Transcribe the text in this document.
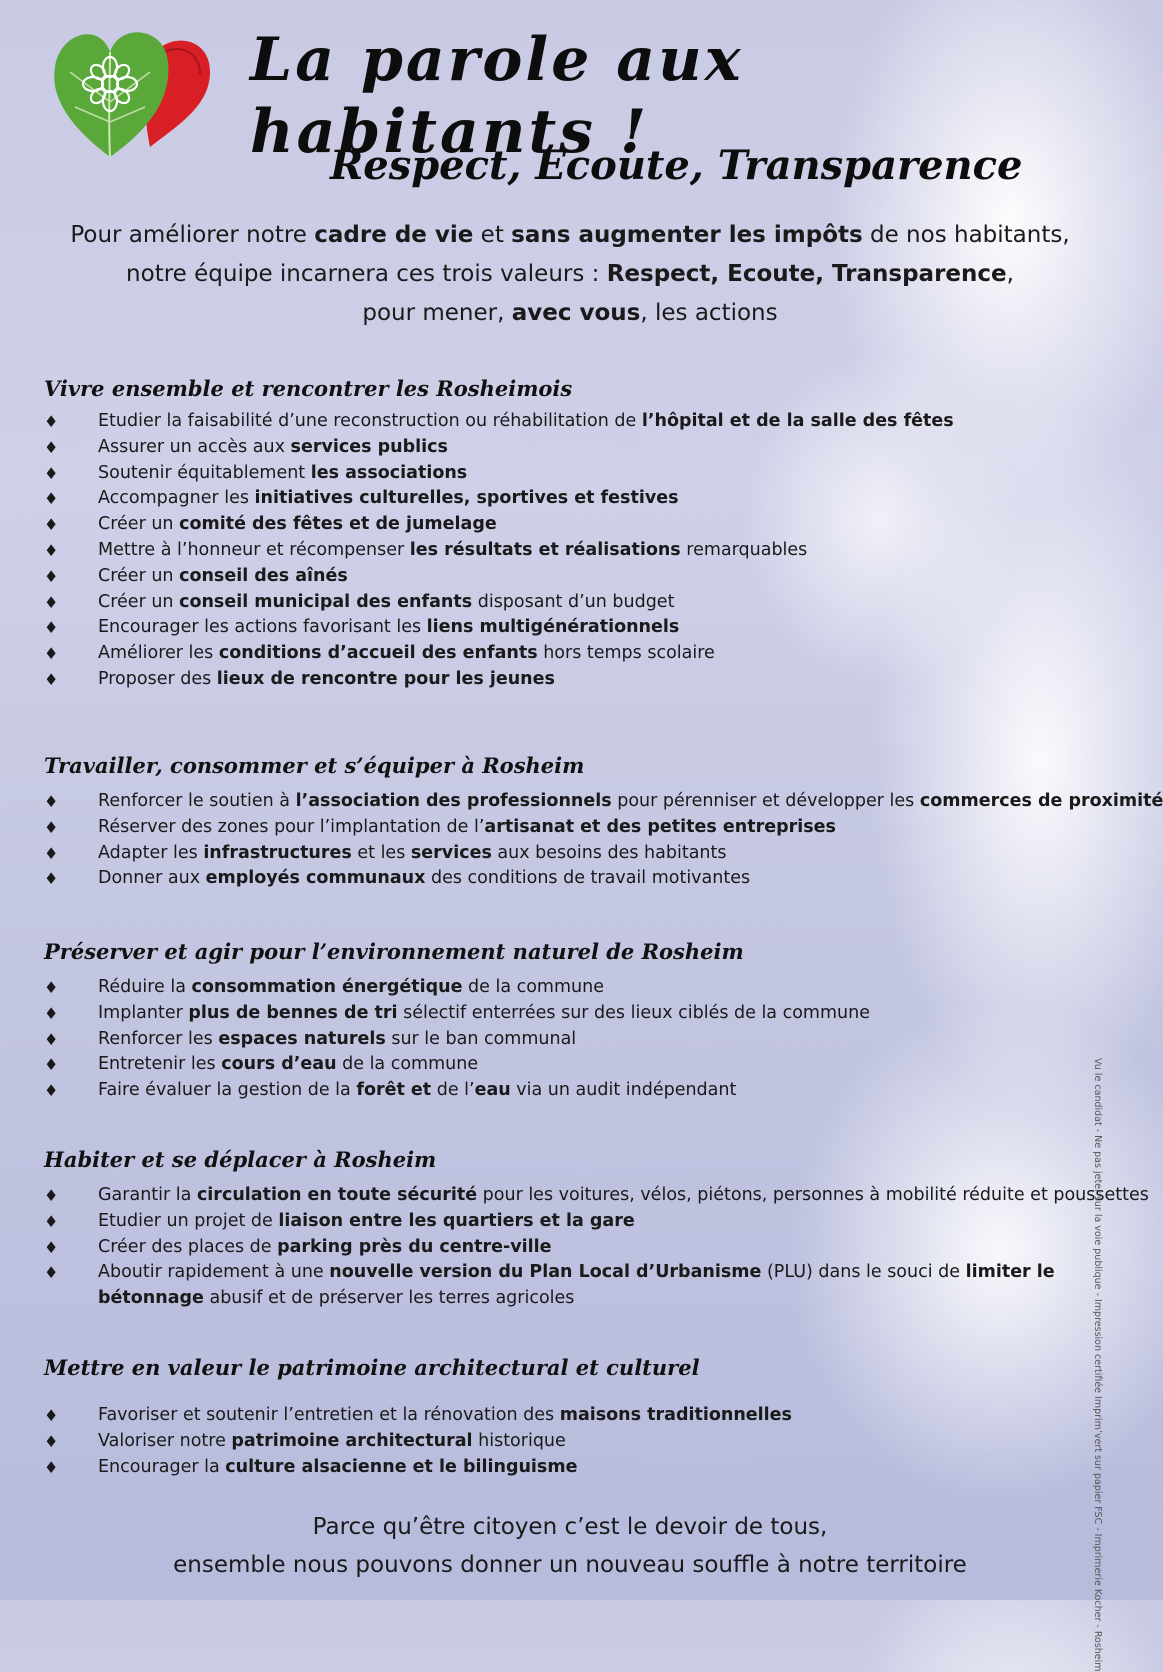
La parole aux habitants !
Respect, Ecoute, Transparence

Pour améliorer notre cadre de vie et sans augmenter les impôts de nos habitants,
notre équipe incarnera ces trois valeurs : Respect, Ecoute, Transparence,
pour mener, avec vous, les actions

Vivre ensemble et rencontrer les Rosheimois
♦ Etudier la faisabilité d’une reconstruction ou réhabilitation de l’hôpital et de la salle des fêtes
♦ Assurer un accès aux services publics
♦ Soutenir équitablement les associations
♦ Accompagner les initiatives culturelles, sportives et festives
♦ Créer un comité des fêtes et de jumelage
♦ Mettre à l’honneur et récompenser les résultats et réalisations remarquables
♦ Créer un conseil des aînés
♦ Créer un conseil municipal des enfants disposant d’un budget
♦ Encourager les actions favorisant les liens multigénérationnels
♦ Améliorer les conditions d’accueil des enfants hors temps scolaire
♦ Proposer des lieux de rencontre pour les jeunes
Travailler, consommer et s’équiper à Rosheim
♦ Renforcer le soutien à l’association des professionnels pour pérenniser et développer les commerces de proximité
♦ Réserver des zones pour l’implantation de l’artisanat et des petites entreprises
♦ Adapter les infrastructures et les services aux besoins des habitants
♦ Donner aux employés communaux des conditions de travail motivantes
Préserver et agir pour l’environnement naturel de Rosheim
♦ Réduire la consommation énergétique de la commune
♦ Implanter plus de bennes de tri sélectif enterrées sur des lieux ciblés de la commune
♦ Renforcer les espaces naturels sur le ban communal
♦ Entretenir les cours d’eau de la commune
♦ Faire évaluer la gestion de la forêt et de l’eau via un audit indépendant
Habiter et se déplacer à Rosheim
♦ Garantir la circulation en toute sécurité pour les voitures, vélos, piétons, personnes à mobilité réduite et poussettes
♦ Etudier un projet de liaison entre les quartiers et la gare
♦ Créer des places de parking près du centre-ville
♦ Aboutir rapidement à une nouvelle version du Plan Local d’Urbanisme (PLU) dans le souci de limiter le bétonnage abusif et de préserver les terres agricoles
Mettre en valeur le patrimoine architectural et culturel
♦ Favoriser et soutenir l’entretien et la rénovation des maisons traditionnelles
♦ Valoriser notre patrimoine architectural historique
♦ Encourager la culture alsacienne et le bilinguisme

Parce qu’être citoyen c’est le devoir de tous,
ensemble nous pouvons donner un nouveau souffle à notre territoire	Vu le candidat - Ne pas jeter sur la voie publique - Impression certifiée Imprim’vert sur papier FSC - Imprimerie Kocher - Rosheim
